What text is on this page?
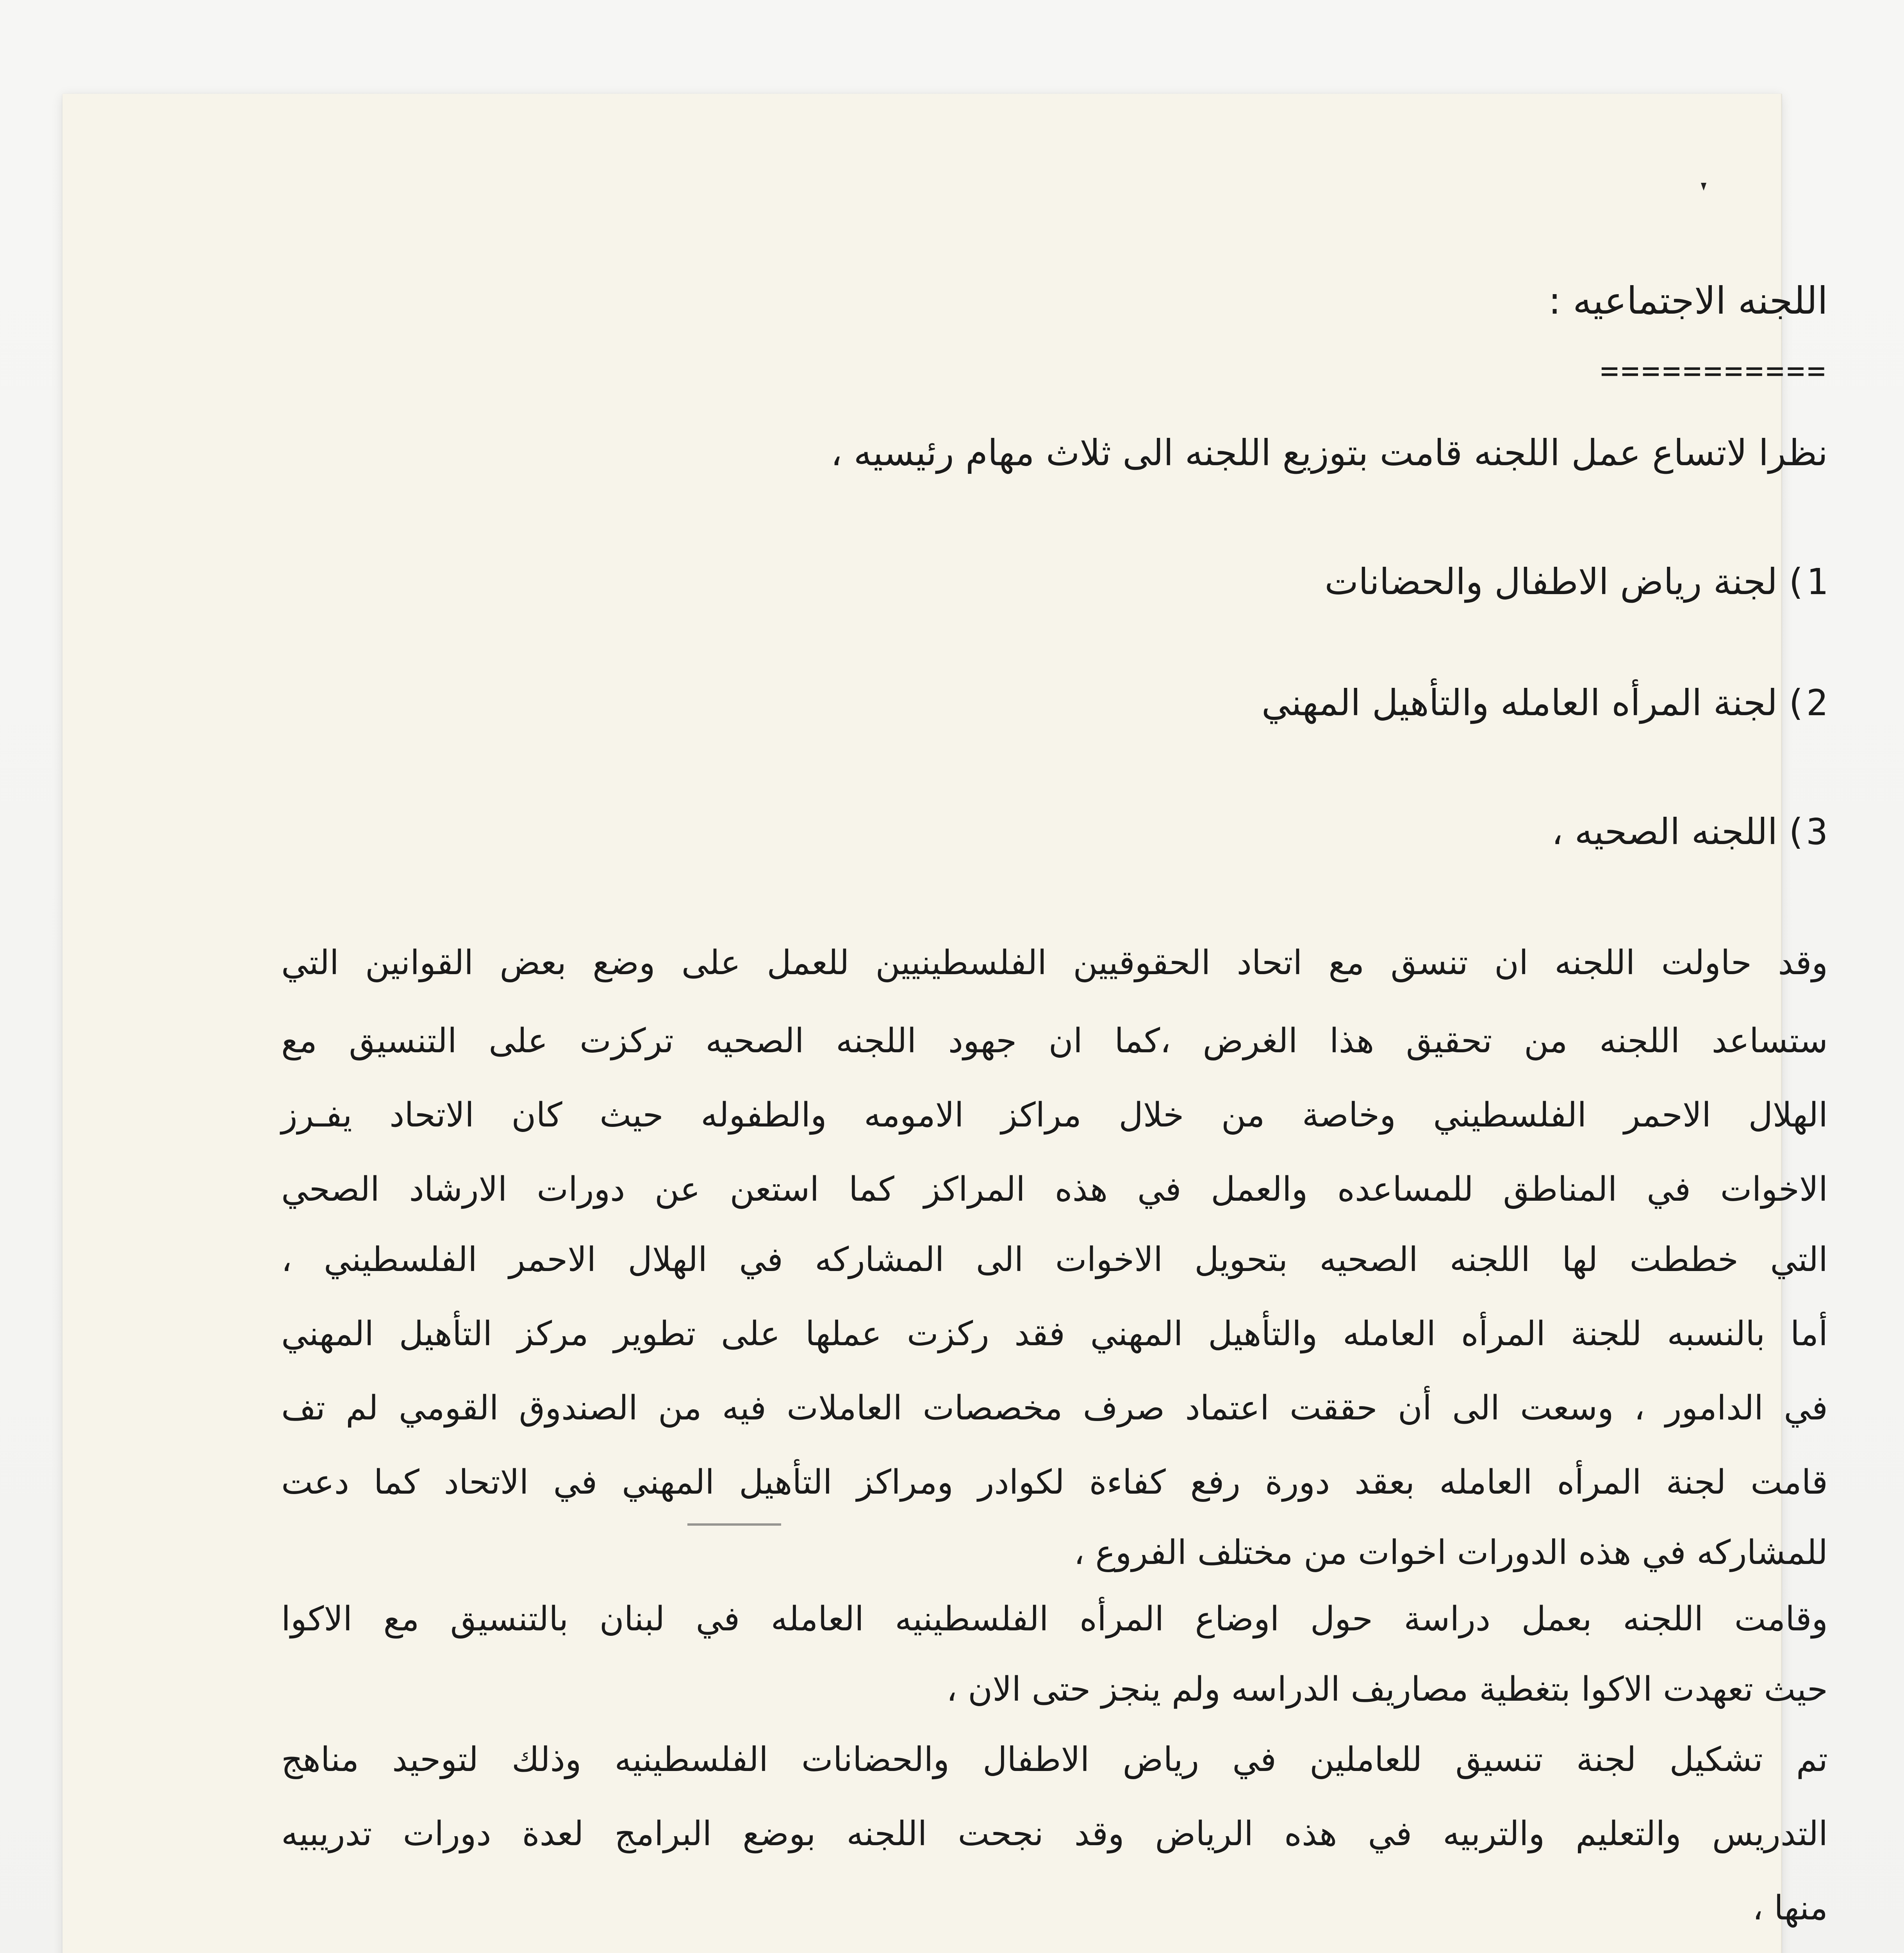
اللجنه الاجتماعيه :
===========
نظرا لاتساع عمل اللجنه قامت بتوزيع اللجنه الى ثلاث مهام رئيسيه ،
1)لجنة رياض الاطفال والحضانات
2)لجنة المرأه العامله والتأهيل المهني
3)اللجنه الصحيه ،
وقد حاولت اللجنه ان تنسق مع اتحاد الحقوقيين الفلسطينيين للعمل على وضع بعض القوانين التي
ستساعد اللجنه من تحقيق هذا الغرض ،كما ان جهود اللجنه الصحيه تركزت على التنسيق مع
الهلال الاحمر الفلسطيني وخاصة من خلال مراكز الامومه والطفوله حيث كان الاتحاد يفـرز
الاخوات في المناطق للمساعده والعمل في هذه المراكز كما استعن عن دورات الارشاد الصحي
التي خططت لها اللجنه الصحيه بتحويل الاخوات الى المشاركه في الهلال الاحمر الفلسطيني ،
أما بالنسبه للجنة المرأه العامله والتأهيل المهني فقد ركزت عملها على تطوير مركز التأهيل المهني
في الدامور ، وسعت الى أن حققت اعتماد صرف مخصصات العاملات فيه من الصندوق القومي لم تف
قامت لجنة المرأه العامله بعقد دورة رفع كفاءة لكوادر ومراكز التأهيل المهني في الاتحاد كما دعت
للمشاركه في هذه الدورات اخوات من مختلف الفروع ،
وقامت اللجنه بعمل دراسة حول اوضاع المرأه الفلسطينيه العامله في لبنان بالتنسيق مع الاكوا
حيث تعهدت الاكوا بتغطية مصاريف الدراسه ولم ينجز حتى الان ،
تم تشكيل لجنة تنسيق للعاملين في رياض الاطفال والحضانات الفلسطينيه وذلك لتوحيد مناهج
التدريس والتعليم والتربيه في هذه الرياض وقد نجحت اللجنه بوضع البرامج لعدة دورات تدريبيه
منها ،
